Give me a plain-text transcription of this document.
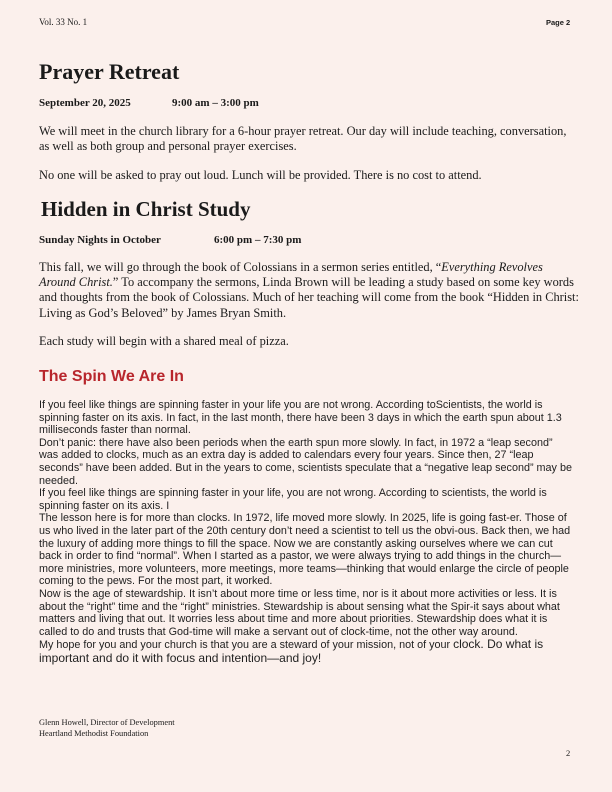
Vol. 33 No. 1	Page 2
Prayer Retreat
September 20, 2025	9:00 am – 3:00 pm

We will meet in the church library for a 6-hour prayer retreat. Our day will include teaching, conversation, as well as both group and personal prayer exercises.

No one will be asked to pray out loud. Lunch will be provided. There is no cost to attend.

Hidden in Christ Study
Sunday Nights in October	6:00 pm – 7:30 pm

This fall, we will go through the book of Colossians in a sermon series entitled, “Everything Revolves Around Christ.” To accompany the sermons, Linda Brown will be leading a study based on some key words and thoughts from the book of Colossians. Much of her teaching will come from the book “Hidden in Christ: Living as God’s Beloved” by James Bryan Smith.

Each study will begin with a shared meal of pizza.

The Spin We Are In

If you feel like things are spinning faster in your life you are not wrong. According toScientists, the world is spinning faster on its axis. In fact, in the last month, there have been 3 days in which the earth spun about 1.3 milliseconds faster than normal.

Don’t panic: there have also been periods when the earth spun more slowly. In fact, in 1972 a “leap second” was added to clocks, much as an extra day is added to calendars every four years. Since then, 27 “leap seconds” have been added. But in the years to come, scientists speculate that a “negative leap second” may be needed.

If you feel like things are spinning faster in your life, you are not wrong. According to scientists, the world is spinning faster on its axis. I

The lesson here is for more than clocks. In 1972, life moved more slowly. In 2025, life is going fast-er. Those of us who lived in the later part of the 20th century don’t need a scientist to tell us the obvi-ous. Back then, we had the luxury of adding more things to fill the space. Now we are constantly asking ourselves where we can cut back in order to find “normal”. When I started as a pastor, we were always trying to add things in the church—more ministries, more volunteers, more meetings, more teams—thinking that would enlarge the circle of people coming to the pews. For the most part, it worked.

Now is the age of stewardship. It isn’t about more time or less time, nor is it about more activities or less. It is about the “right” time and the “right” ministries. Stewardship is about sensing what the Spir-it says about what matters and living that out. It worries less about time and more about priorities. Stewardship does what it is called to do and trusts that God-time will make a servant out of clock-time, not the other way around.

My hope for you and your church is that you are a steward of your mission, not of your clock. Do what is important and do it with focus and intention—and joy!

Glenn Howell, Director of Development
Heartland Methodist Foundation
2
